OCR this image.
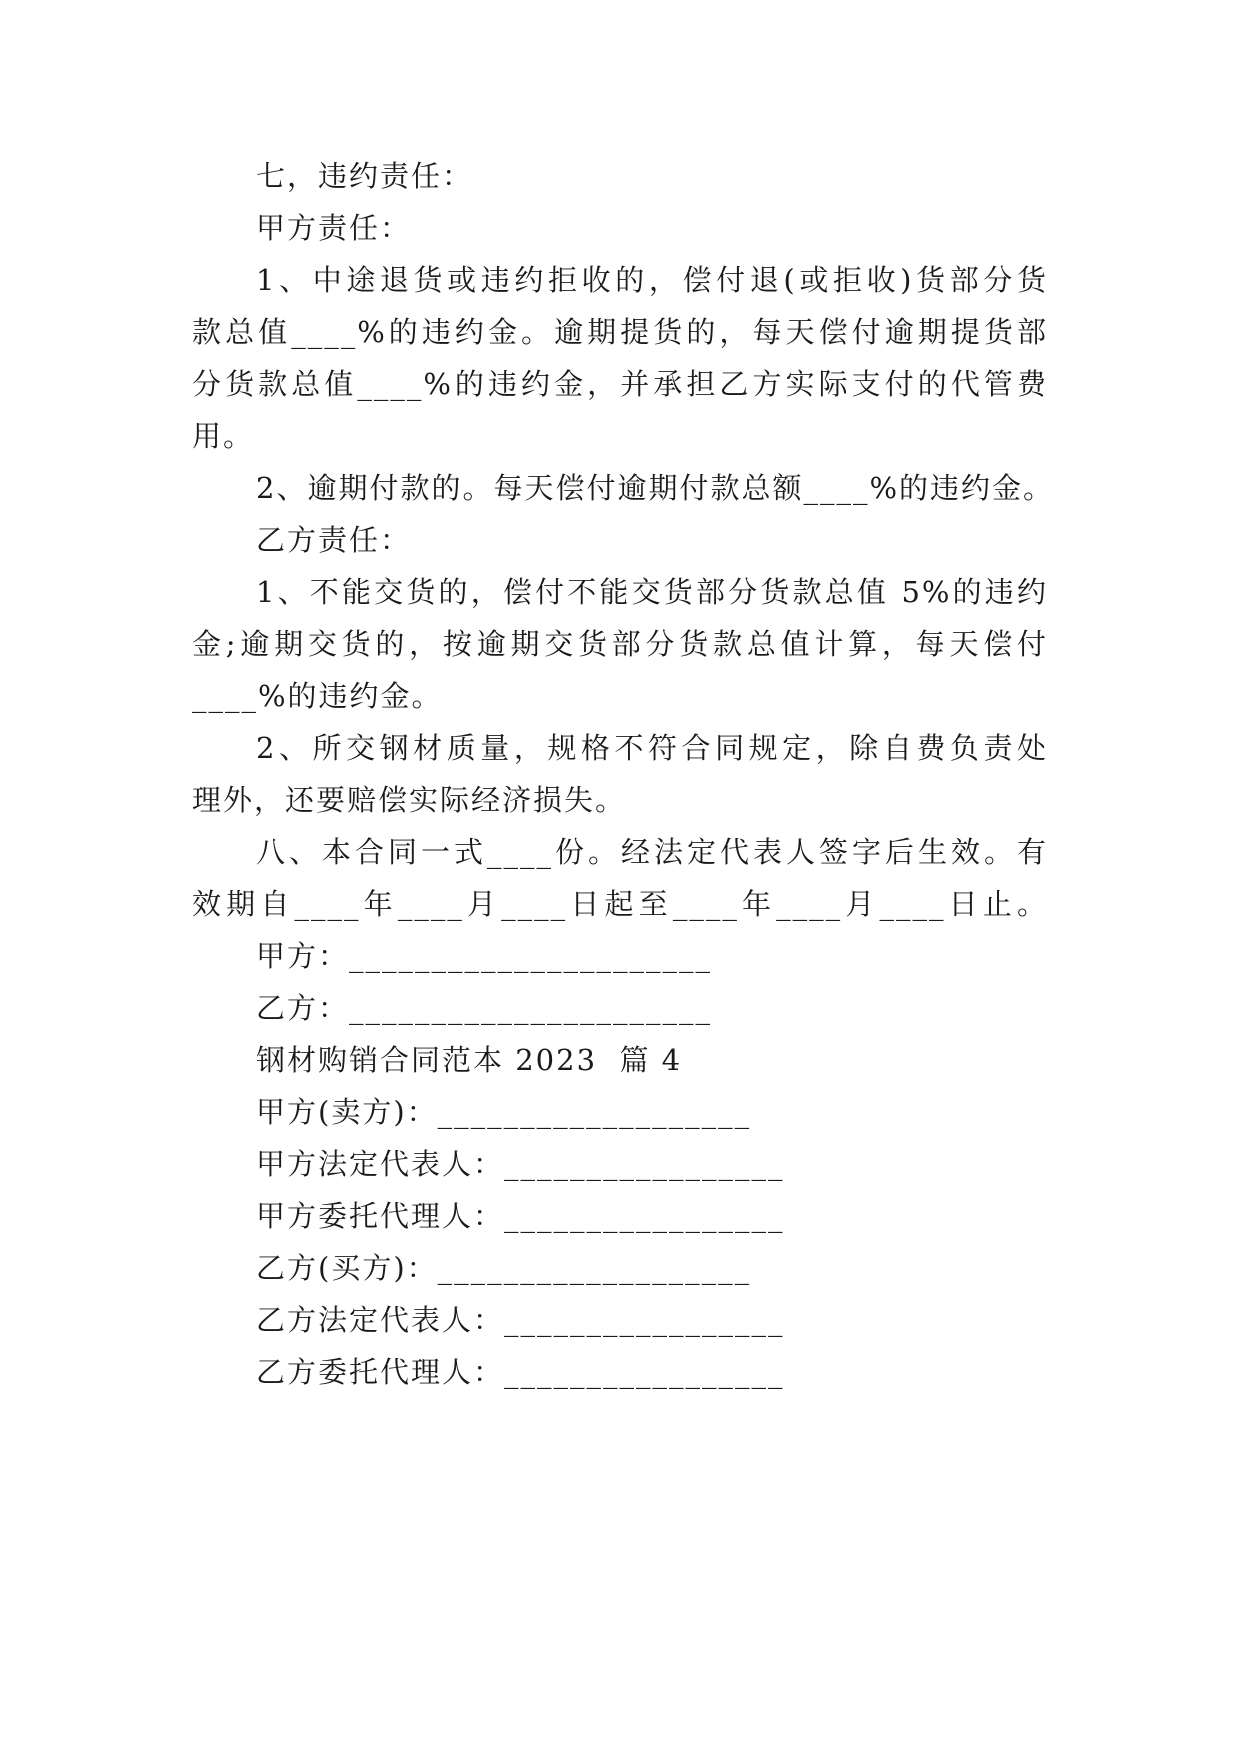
七，违约责任：
甲方责任：
1、中途退货或违约拒收的，偿付退(或拒收)货部分货
款总值____%的违约金。逾期提货的，每天偿付逾期提货部
分货款总值____%的违约金，并承担乙方实际支付的代管费
用。
2、逾期付款的。每天偿付逾期付款总额____%的违约金。
乙方责任：
1、不能交货的，偿付不能交货部分货款总值 5%的违约
金;逾期交货的，按逾期交货部分货款总值计算，每天偿付
____%的违约金。
2、所交钢材质量，规格不符合同规定，除自费负责处
理外，还要赔偿实际经济损失。
八、本合同一式____份。经法定代表人签字后生效。有
效期自____年____月____日起至____年____月____日止。
甲方：______________________
乙方：______________________
钢材购销合同范本 2023  篇 4
甲方(卖方)：___________________
甲方法定代表人：_________________
甲方委托代理人：_________________
乙方(买方)：___________________
乙方法定代表人：_________________
乙方委托代理人：_________________
